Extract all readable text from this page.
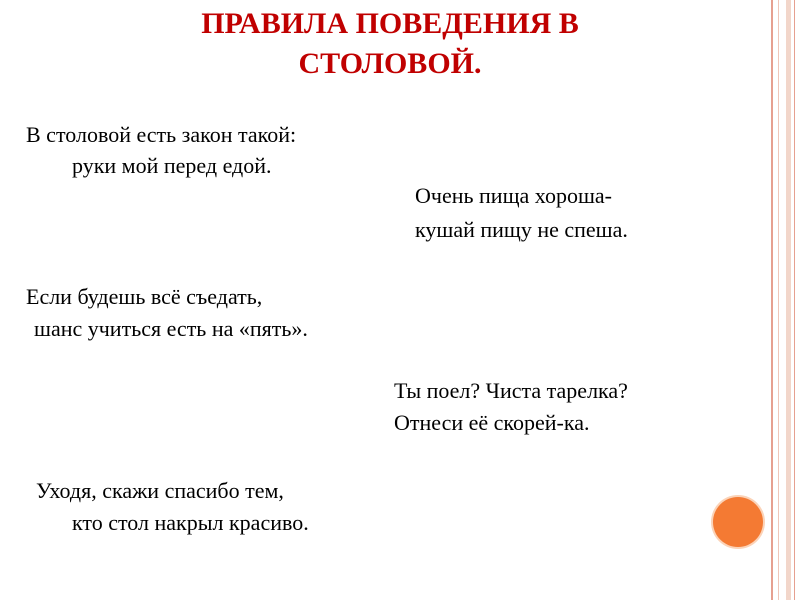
ПРАВИЛА ПОВЕДЕНИЯ В
СТОЛОВОЙ.

В столовой есть закон такой:

руки мой перед едой.

Очень пища хороша-

кушай пищу не спеша.

Если будешь всё съедать,

шанс учиться есть на «пять».

Ты поел? Чиста тарелка?

Отнеси её скорей-ка.

Уходя, скажи спасибо тем,

кто стол накрыл красиво.
